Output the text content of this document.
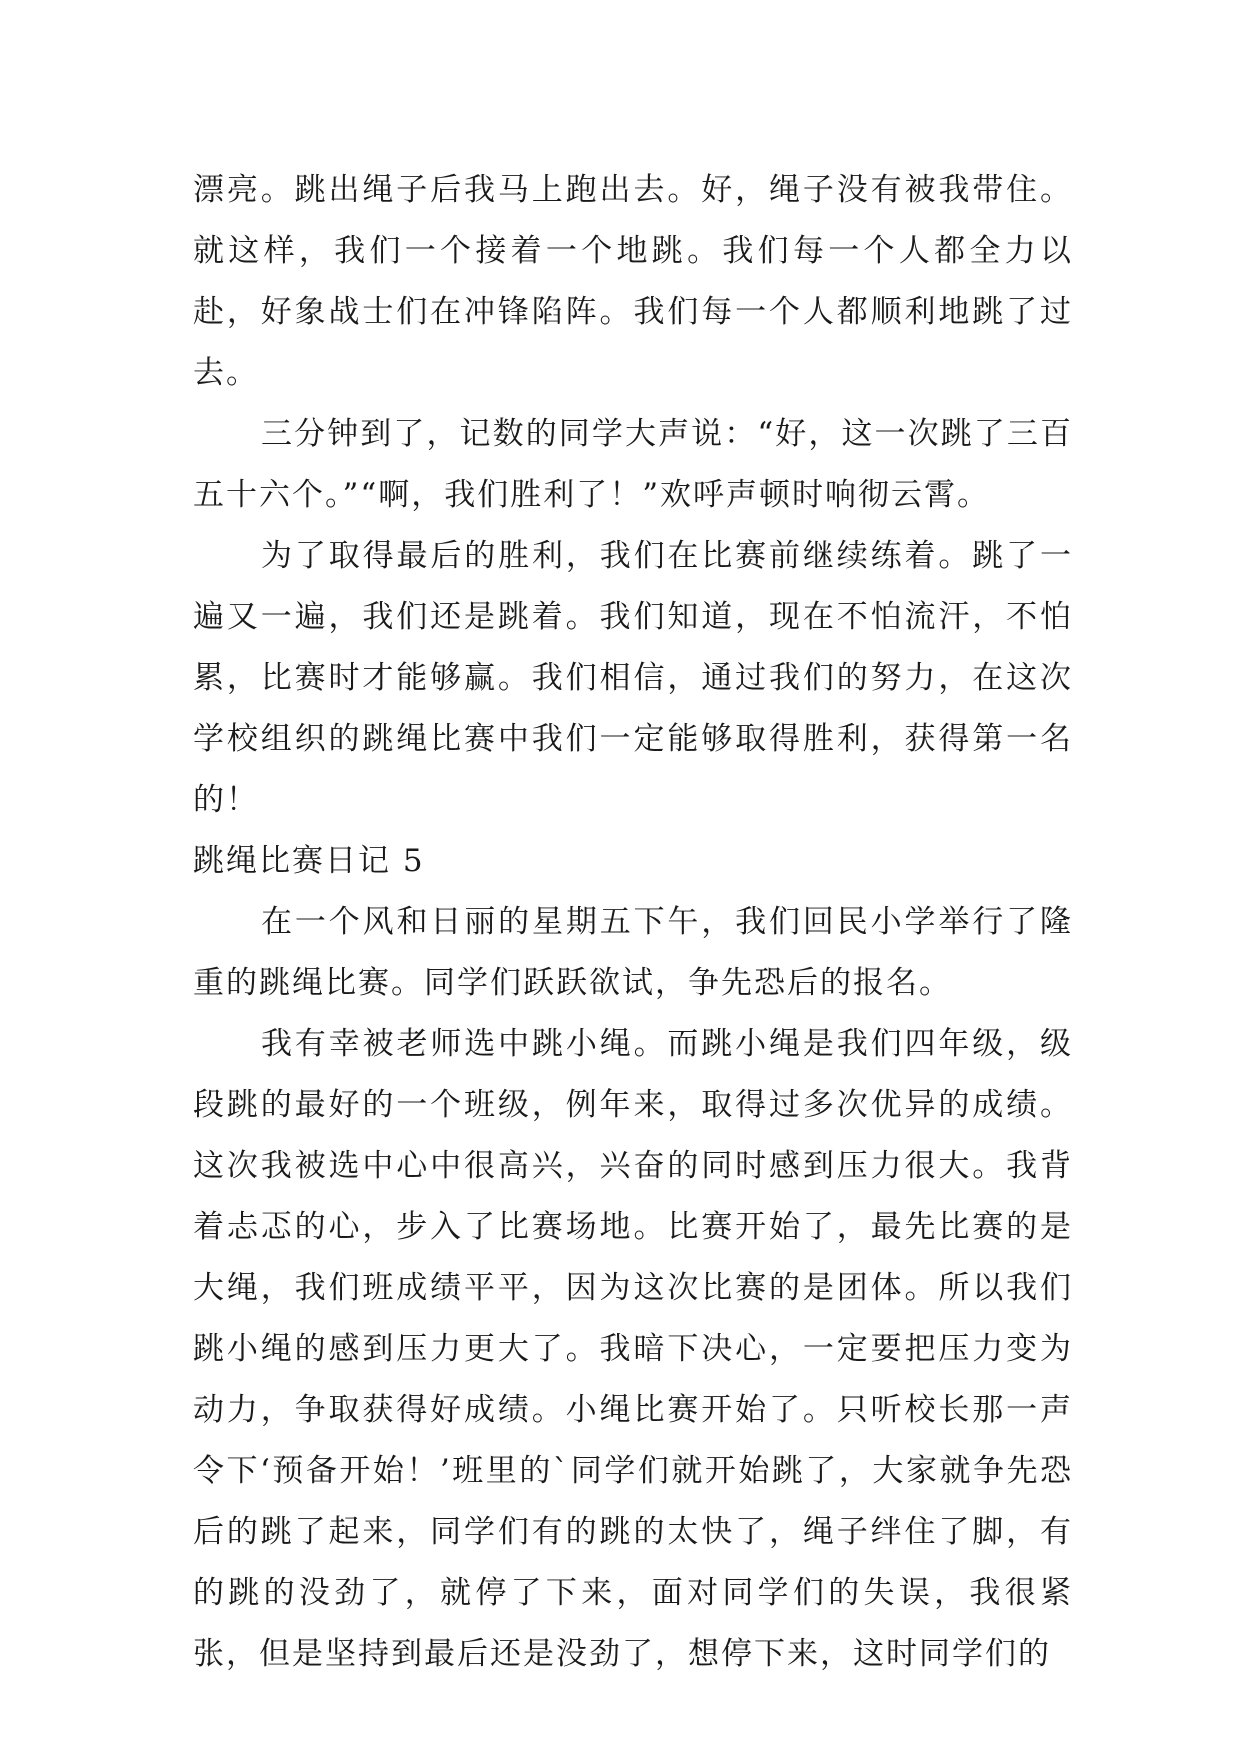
漂亮。跳出绳子后我马上跑出去。好，绳子没有被我带住。就这样，我们一个接着一个地跳。我们每一个人都全力以赴，好象战士们在冲锋陷阵。我们每一个人都顺利地跳了过去。

三分钟到了，记数的同学大声说：“好，这一次跳了三百五十六个。”“啊，我们胜利了！”欢呼声顿时响彻云霄。

为了取得最后的胜利，我们在比赛前继续练着。跳了一遍又一遍，我们还是跳着。我们知道，现在不怕流汗，不怕累，比赛时才能够赢。我们相信，通过我们的努力，在这次学校组织的跳绳比赛中我们一定能够取得胜利，获得第一名的！

跳绳比赛日记 5

在一个风和日丽的星期五下午，我们回民小学举行了隆重的跳绳比赛。同学们跃跃欲试，争先恐后的报名。

我有幸被老师选中跳小绳。而跳小绳是我们四年级，级段跳的最好的一个班级，例年来，取得过多次优异的成绩。这次我被选中心中很高兴，兴奋的同时感到压力很大。我背着忐忑的心，步入了比赛场地。比赛开始了，最先比赛的是大绳，我们班成绩平平，因为这次比赛的是团体。所以我们跳小绳的感到压力更大了。我暗下决心，一定要把压力变为动力，争取获得好成绩。小绳比赛开始了。只听校长那一声令下‘预备开始！’班里的`同学们就开始跳了，大家就争先恐后的跳了起来，同学们有的跳的太快了，绳子绊住了脚，有的跳的没劲了，就停了下来，面对同学们的失误，我很紧张，但是坚持到最后还是没劲了，想停下来，这时同学们的
